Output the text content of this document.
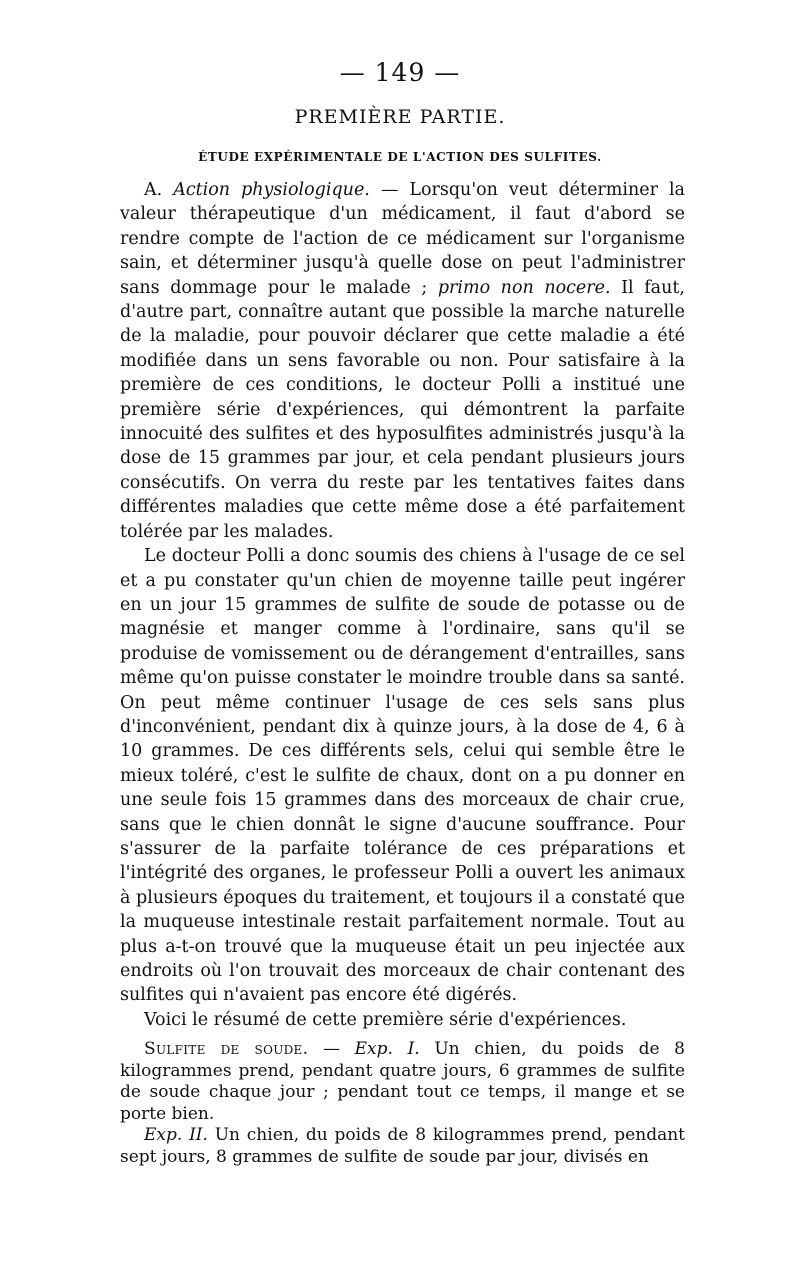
— 149 —
PREMIÈRE PARTIE.
ÉTUDE EXPÉRIMENTALE DE L'ACTION DES SULFITES.

A. Action physiologique. — Lorsqu'on veut déterminer la valeur thérapeutique d'un médicament, il faut d'abord se rendre compte de l'action de ce médicament sur l'organisme sain, et déterminer jusqu'à quelle dose on peut l'administrer sans dommage pour le malade ; primo non nocere. Il faut, d'autre part, connaître autant que possible la marche naturelle de la maladie, pour pouvoir déclarer que cette maladie a été modifiée dans un sens favorable ou non. Pour satisfaire à la première de ces conditions, le docteur Polli a institué une première série d'expériences, qui démontrent la parfaite innocuité des sulfites et des hyposulfites administrés jusqu'à la dose de 15 grammes par jour, et cela pendant plusieurs jours consécutifs. On verra du reste par les tentatives faites dans différentes maladies que cette même dose a été parfaitement tolérée par les malades.

Le docteur Polli a donc soumis des chiens à l'usage de ce sel et a pu constater qu'un chien de moyenne taille peut ingérer en un jour 15 grammes de sulfite de soude de potasse ou de magnésie et manger comme à l'ordinaire, sans qu'il se produise de vomissement ou de dérangement d'entrailles, sans même qu'on puisse constater le moindre trouble dans sa santé. On peut même continuer l'usage de ces sels sans plus d'inconvénient, pendant dix à quinze jours, à la dose de 4, 6 à 10 grammes. De ces différents sels, celui qui semble être le mieux toléré, c'est le sulfite de chaux, dont on a pu donner en une seule fois 15 grammes dans des morceaux de chair crue, sans que le chien donnât le signe d'aucune souffrance. Pour s'assurer de la parfaite tolérance de ces préparations et l'intégrité des organes, le professeur Polli a ouvert les animaux à plusieurs époques du traitement, et toujours il a constaté que la muqueuse intestinale restait parfaitement normale. Tout au plus a-t-on trouvé que la muqueuse était un peu injectée aux endroits où l'on trouvait des morceaux de chair contenant des sulfites qui n'avaient pas encore été digérés.

Voici le résumé de cette première série d'expériences.

Sulfite de soude. — Exp. I. Un chien, du poids de 8 kilogrammes prend, pendant quatre jours, 6 grammes de sulfite de soude chaque jour ; pendant tout ce temps, il mange et se porte bien.

Exp. II. Un chien, du poids de 8 kilogrammes prend, pendant sept jours, 8 grammes de sulfite de soude par jour, divisés en
